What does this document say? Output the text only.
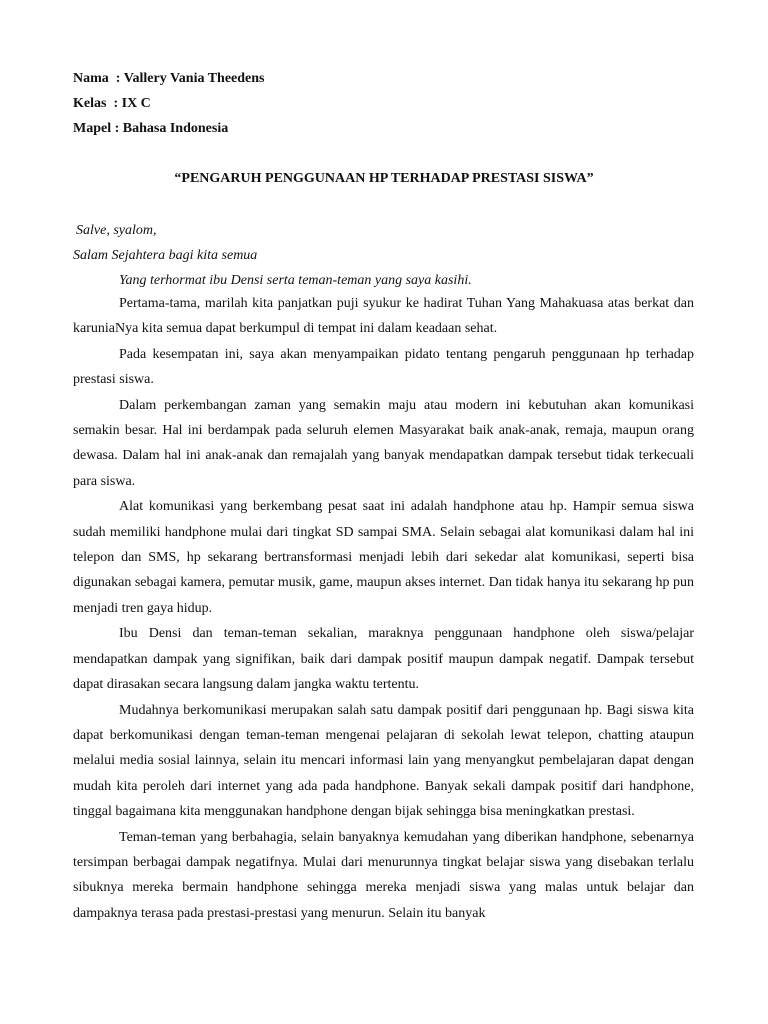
Nama  : Vallery Vania Theedens
Kelas  : IX C
Mapel : Bahasa Indonesia
“PENGARUH PENGGUNAAN HP TERHADAP PRESTASI SISWA”
Salve, syalom,
Salam Sejahtera bagi kita semua
Yang terhormat ibu Densi serta teman-teman yang saya kasihi.

Pertama-tama, marilah kita panjatkan puji syukur ke hadirat Tuhan Yang Mahakuasa atas berkat dan karuniaNya kita semua dapat berkumpul di tempat ini dalam keadaan sehat.

Pada kesempatan ini, saya akan menyampaikan pidato tentang pengaruh penggunaan hp terhadap prestasi siswa.

Dalam perkembangan zaman yang semakin maju atau modern ini kebutuhan akan komunikasi semakin besar. Hal ini berdampak pada seluruh elemen Masyarakat baik anak-anak, remaja, maupun orang dewasa. Dalam hal ini anak-anak dan remajalah yang banyak mendapatkan dampak tersebut tidak terkecuali para siswa.

Alat komunikasi yang berkembang pesat saat ini adalah handphone atau hp. Hampir semua siswa sudah memiliki handphone mulai dari tingkat SD sampai SMA. Selain sebagai alat komunikasi dalam hal ini telepon dan SMS, hp sekarang bertransformasi menjadi lebih dari sekedar alat komunikasi, seperti bisa digunakan sebagai kamera, pemutar musik, game, maupun akses internet. Dan tidak hanya itu sekarang hp pun menjadi tren gaya hidup.

Ibu Densi dan teman-teman sekalian, maraknya penggunaan handphone oleh siswa/pelajar mendapatkan dampak yang signifikan, baik dari dampak positif maupun dampak negatif. Dampak tersebut dapat dirasakan secara langsung dalam jangka waktu tertentu.

Mudahnya berkomunikasi merupakan salah satu dampak positif dari penggunaan hp. Bagi siswa kita dapat berkomunikasi dengan teman-teman mengenai pelajaran di sekolah lewat telepon, chatting ataupun melalui media sosial lainnya, selain itu mencari informasi lain yang menyangkut pembelajaran dapat dengan mudah kita peroleh dari internet yang ada pada handphone. Banyak sekali dampak positif dari handphone, tinggal bagaimana kita menggunakan handphone dengan bijak sehingga bisa meningkatkan prestasi.

Teman-teman yang berbahagia, selain banyaknya kemudahan yang diberikan handphone, sebenarnya tersimpan berbagai dampak negatifnya. Mulai dari menurunnya tingkat belajar siswa yang disebakan terlalu sibuknya mereka bermain handphone sehingga mereka menjadi siswa yang malas untuk belajar dan dampaknya terasa pada prestasi-prestasi yang menurun. Selain itu banyak
